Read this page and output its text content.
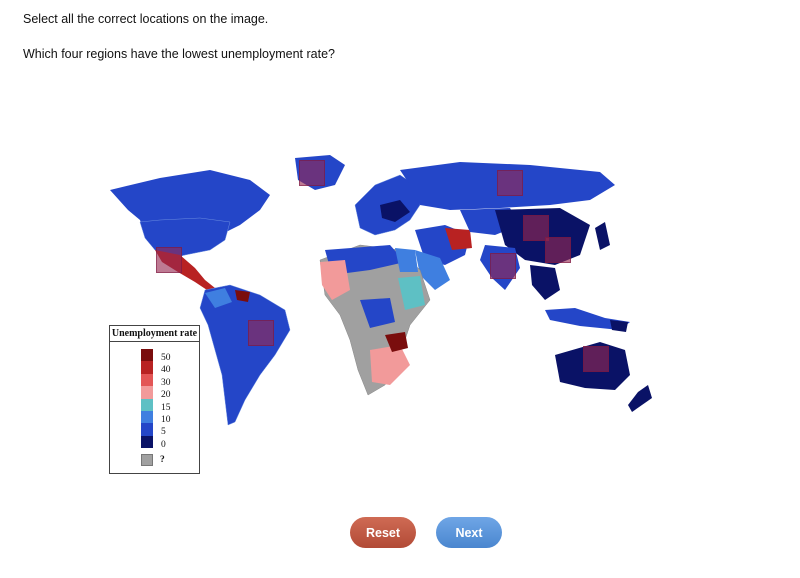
Select all the correct locations on the image.
Which four regions have the lowest unemployment rate?
Unemployment rate
50
40
30
20
15
10
5
0
?
Reset	Next
